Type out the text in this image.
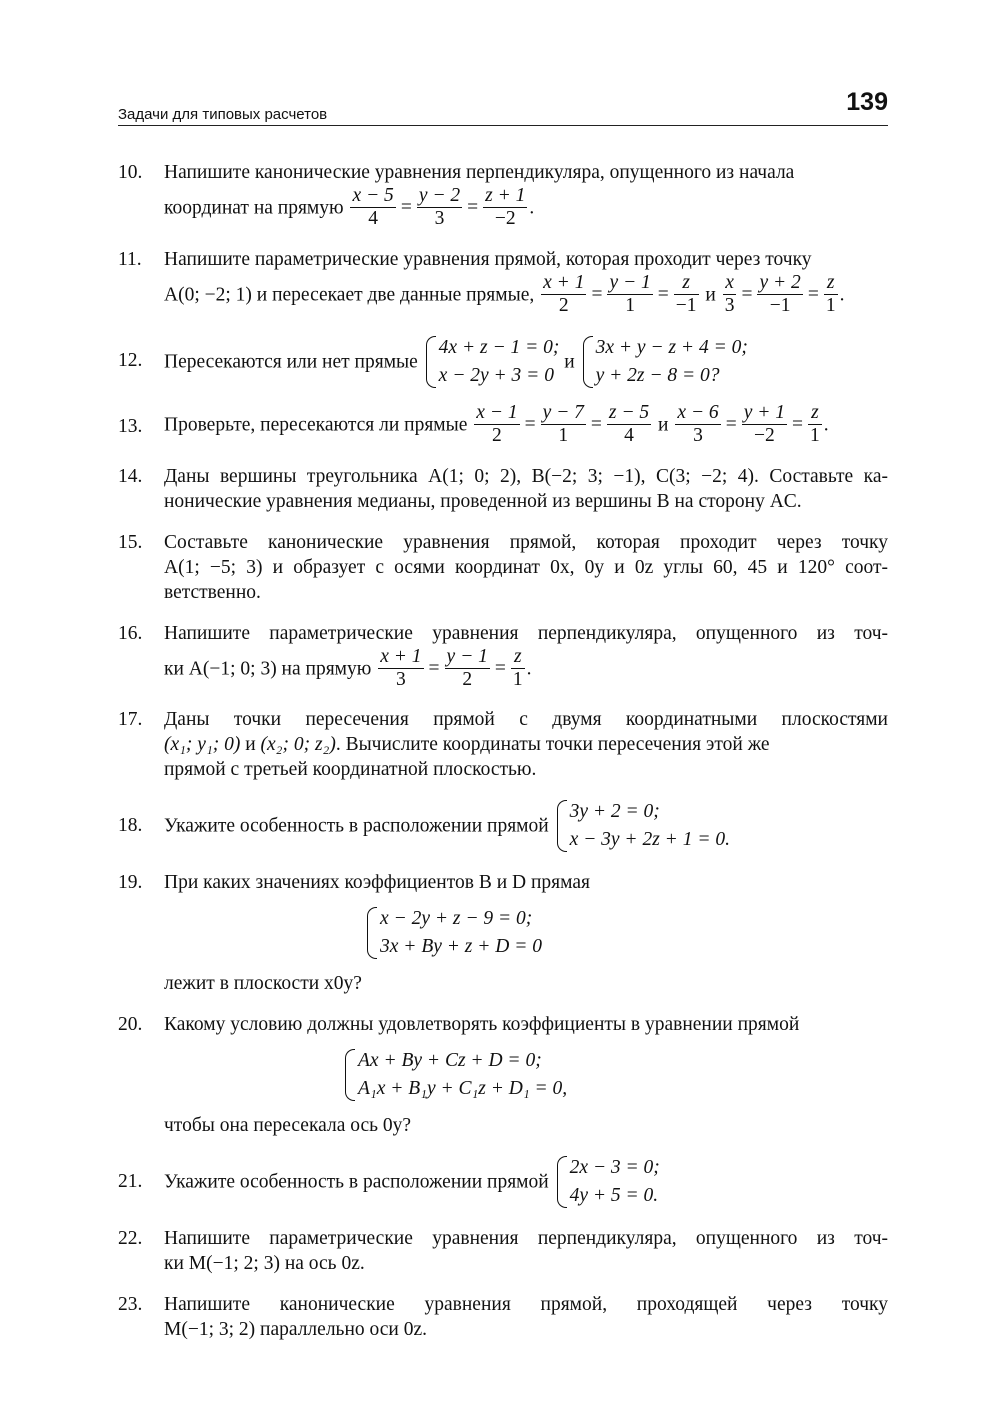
Задачи для типовых расчетов	139
10. Напишите канонические уравнения перпендикуляра, опущенного из начала
координат на прямую $\frac{x - 5}{4} = \frac{y - 2}{3} = \frac{z + 1}{-2}$ .
11. Напишите параметрические уравнения прямой, которая проходит через точку
A(0; −2; 1) и пересекает две данные прямые, $\frac{x + 1}{2} = \frac{y - 1}{1} = \frac{z}{-1}$ и $\frac{x}{3} = \frac{y + 2}{-1} = \frac{z}{1}$ .
12. Пересекаются или нет прямые
4x + z − 1 = 0;
x − 2y + 3 = 0
и
3x + y − z + 4 = 0;
y + 2z − 8 = 0?
13. Проверьте, пересекаются ли прямые $\frac{x - 1}{2} = \frac{y - 7}{1} = \frac{z - 5}{4}$ и $\frac{x - 6}{3} = \frac{y + 1}{-2} = \frac{z}{1}$ .
14. Даны вершины треугольника A(1; 0; 2), B(−2; 3; −1), C(3; −2; 4). Составьте ка-
нонические уравнения медианы, проведенной из вершины B на сторону AC.
15. Составьте канонические уравнения прямой, которая проходит через точку
A(1; −5; 3) и образует с осями координат 0x, 0y и 0z углы 60, 45 и 120° соот-
ветственно.
16. Напишите параметрические уравнения перпендикуляра, опущенного из точ-
ки A(−1; 0; 3) на прямую $\frac{x + 1}{3} = \frac{y - 1}{2} = \frac{z}{1}$ .
17. Даны точки пересечения прямой с двумя координатными плоскостями
(x₁; y₁; 0) и (x₂; 0; z₂). Вычислите координаты точки пересечения этой же
прямой с третьей координатной плоскостью.
18. Укажите особенность в расположении прямой
3y + 2 = 0;
x − 3y + 2z + 1 = 0.
19. При каких значениях коэффициентов B и D прямая
x − 2y + z − 9 = 0;
3x + By + z + D = 0
лежит в плоскости x0y?
20. Какому условию должны удовлетворять коэффициенты в уравнении прямой
Ax + By + Cz + D = 0;
A₁x + B₁y + C₁z + D₁ = 0,
чтобы она пересекала ось 0y?
21. Укажите особенность в расположении прямой
2x − 3 = 0;
4y + 5 = 0.
22. Напишите параметрические уравнения перпендикуляра, опущенного из точ-
ки M(−1; 2; 3) на ось 0z.
23. Напишите канонические уравнения прямой, проходящей через точку
M(−1; 3; 2) параллельно оси 0z.
